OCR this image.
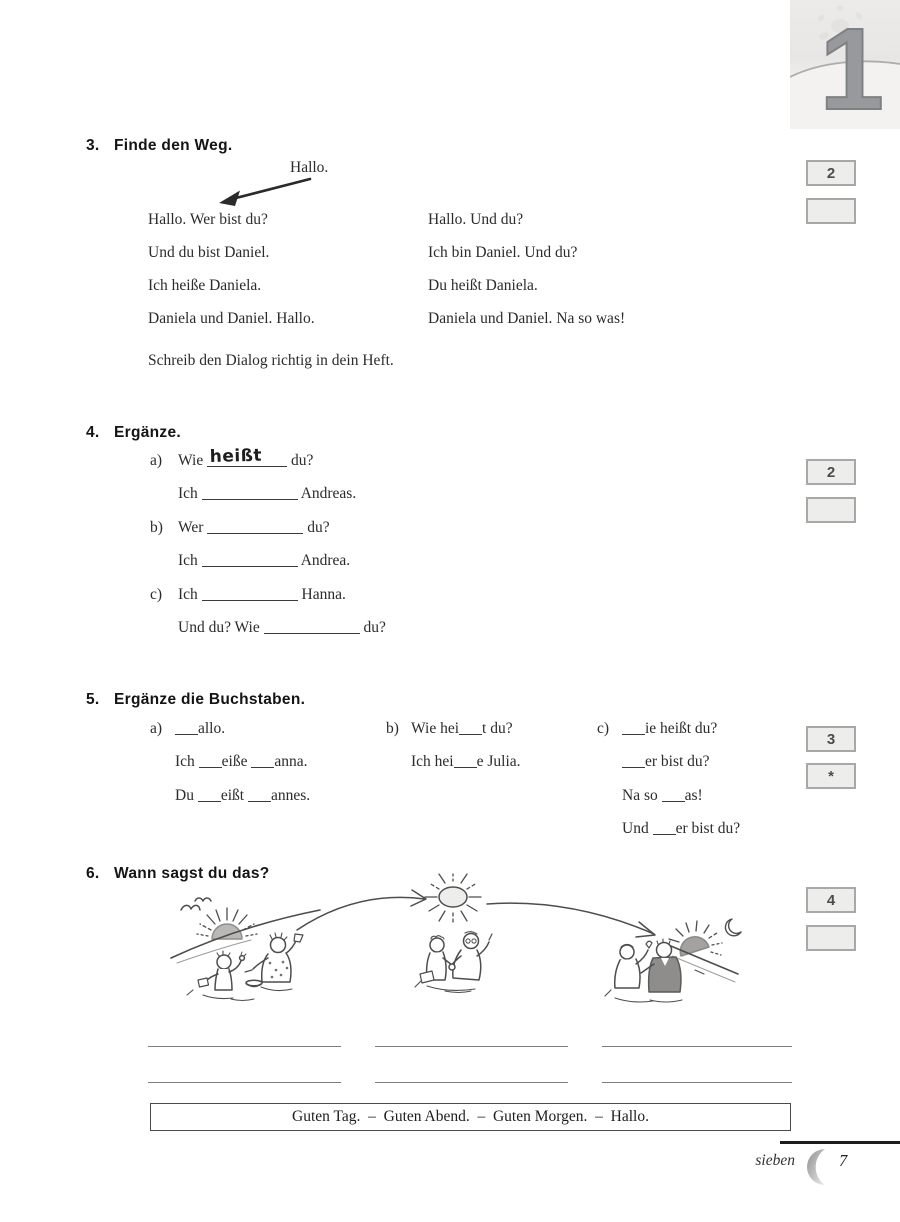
1
3. Finde den Weg.
Hallo.
Hallo. Wer bist du?
Und du bist Daniel.
Ich heiße Daniela.
Daniela und Daniel. Hallo.
Hallo. Und du?
Ich bin Daniel. Und du?
Du heißt Daniela.
Daniela und Daniel. Na so was!
Schreib den Dialog richtig in dein Heft.
2
4. Ergänze.
a)	Wie heißt du?
Ich	Andreas.
b) Wer	du?
Ich	Andrea.
c)	Ich	Hanna.
Und du? Wie	du?
2
5. Ergänze die Buchstaben.
a)	allo.
Ich eiße anna.
Du eißt annes.
b) Wie hei t du?
Ich hei e Julia.
c)	ie heißt du?
er bist du?
Na so as!
Und er bist du?
3
*
6. Wann sagst du das?
4
Guten Tag.  –  Guten Abend.  –  Guten Morgen.  –  Hallo.
sieben	7
